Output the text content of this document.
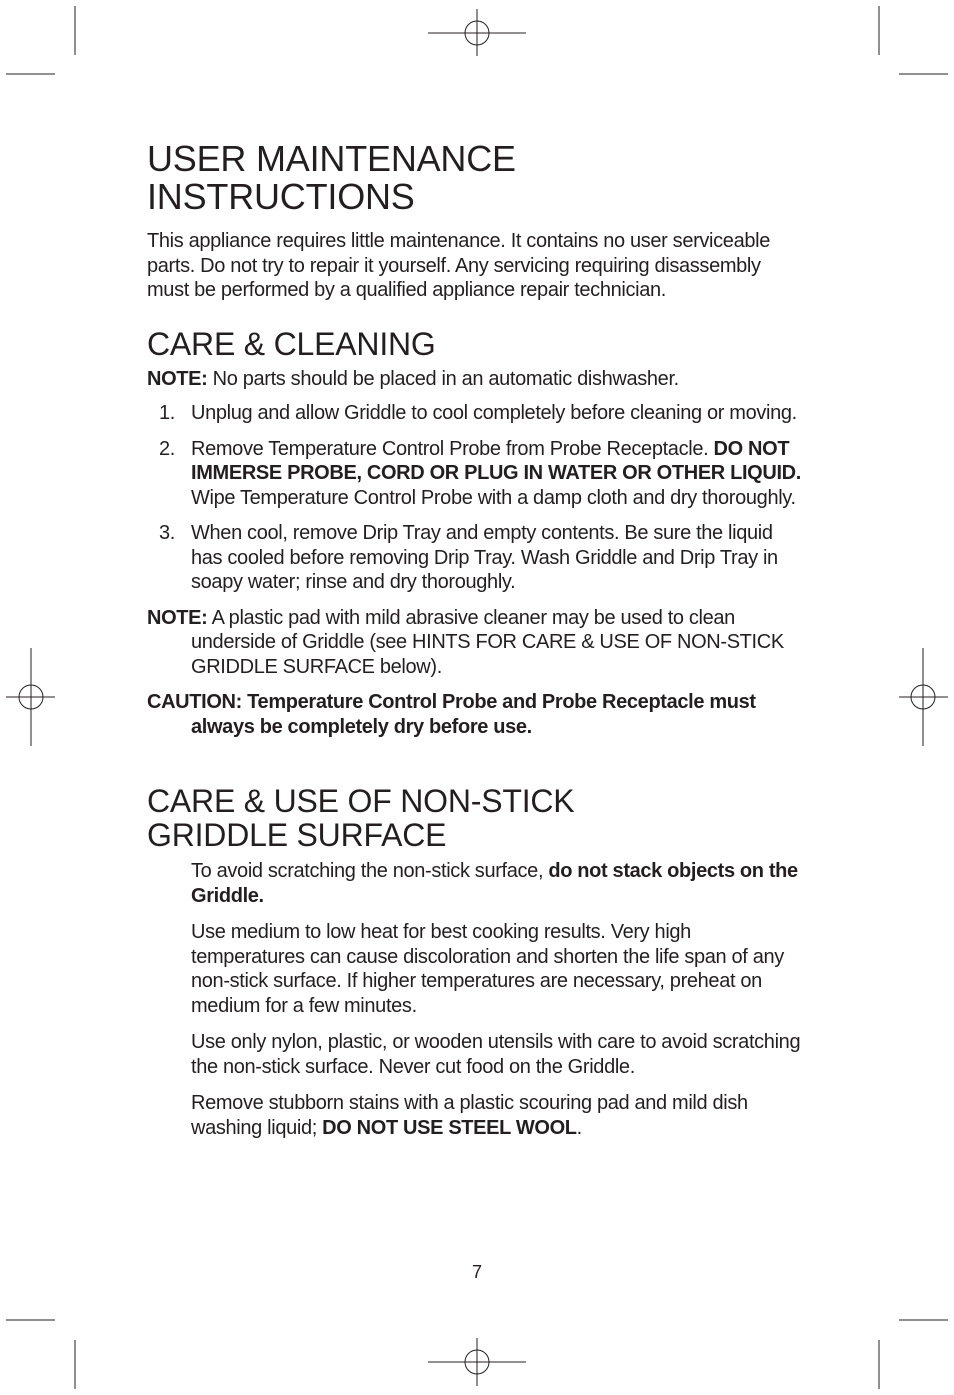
USER MAINTENANCE
INSTRUCTIONS

This appliance requires little maintenance. It contains no user serviceable parts. Do not try to repair it yourself. Any servicing requiring disassembly must be performed by a qualified appliance repair technician.

CARE & CLEANING

NOTE: No parts should be placed in an automatic dishwasher.

1. Unplug and allow Griddle to cool completely before cleaning or moving.
2. Remove Temperature Control Probe from Probe Receptacle. DO NOT IMMERSE PROBE, CORD OR PLUG IN WATER OR OTHER LIQUID. Wipe Temperature Control Probe with a damp cloth and dry thoroughly.
3. When cool, remove Drip Tray and empty contents. Be sure the liquid has cooled before removing Drip Tray. Wash Griddle and Drip Tray in soapy water; rinse and dry thoroughly.

NOTE: A plastic pad with mild abrasive cleaner may be used to clean underside of Griddle (see HINTS FOR CARE & USE OF NON-STICK GRIDDLE SURFACE below).

CAUTION: Temperature Control Probe and Probe Receptacle must always be completely dry before use.

CARE & USE OF NON-STICK
GRIDDLE SURFACE

To avoid scratching the non-stick surface, do not stack objects on the Griddle.

Use medium to low heat for best cooking results. Very high temperatures can cause discoloration and shorten the life span of any non-stick surface. If higher temperatures are necessary, preheat on medium for a few minutes.

Use only nylon, plastic, or wooden utensils with care to avoid scratching the non-stick surface. Never cut food on the Griddle.

Remove stubborn stains with a plastic scouring pad and mild dish washing liquid; DO NOT USE STEEL WOOL.

7
